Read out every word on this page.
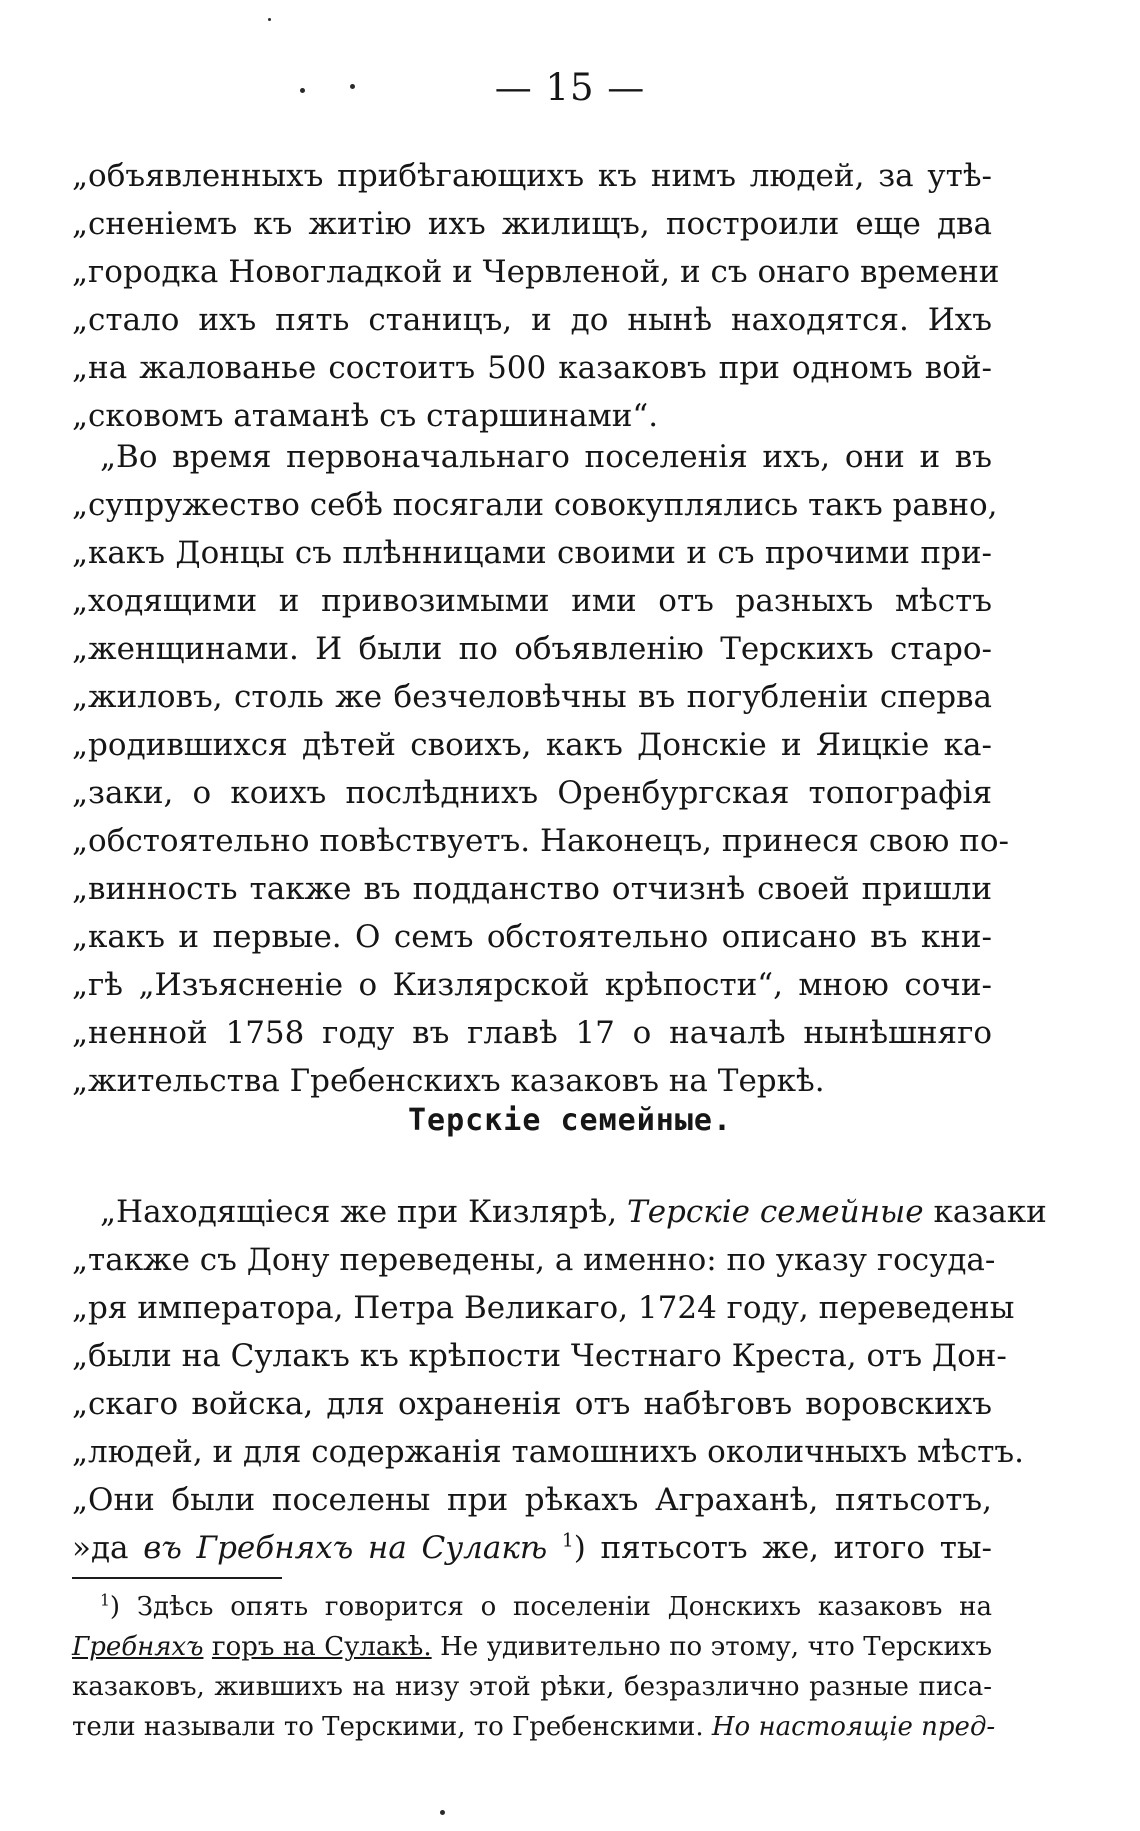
— 15 —
„объявленныхъ прибѣгающихъ къ нимъ людей, за утѣ-
„сненіемъ къ житію ихъ жилищъ, построили еще два
„городка Новогладкой и Червленой, и съ онаго времени
„стало ихъ пять станицъ, и до нынѣ находятся. Ихъ
„на жалованье состоитъ 500 казаковъ при одномъ вой-
„сковомъ атаманѣ съ старшинами“.
„Во время первоначальнаго поселенія ихъ, они и въ
„супружество себѣ посягали совокуплялись такъ равно,
„какъ Донцы съ плѣнницами своими и съ прочими при-
„ходящими и привозимыми ими отъ разныхъ мѣстъ
„женщинами. И были по объявленію Терскихъ старо-
„жиловъ, столь же безчеловѣчны въ погубленіи сперва
„родившихся дѣтей своихъ, какъ Донскіе и Яицкіе ка-
„заки, о коихъ послѣднихъ Оренбургская топографія
„обстоятельно повѣствуетъ. Наконецъ, принеся свою по-
„винность также въ подданство отчизнѣ своей пришли
„какъ и первые. О семъ обстоятельно описано въ кни-
„гѣ „Изъясненіе о Кизлярской крѣпости“, мною сочи-
„ненной 1758 году въ главѣ 17 о началѣ нынѣшняго
„жительства Гребенскихъ казаковъ на Теркѣ.
Терскіе семейные.
„Находящіеся же при Кизлярѣ, Терскіе семейные казаки
„также съ Дону переведены, а именно: по указу госуда-
„ря императора, Петра Великаго, 1724 году, переведены
„были на Сулакъ къ крѣпости Честнаго Креста, отъ Дон-
„скаго войска, для охраненія отъ набѣговъ воровскихъ
„людей, и для содержанія тамошнихъ околичныхъ мѣстъ.
„Они были поселены при рѣкахъ Аграханѣ, пятьсотъ,
»да въ Гребняхъ на Сулакѣ $^1$) пятьсотъ же, итого ты-
$^1$) Здѣсь опять говорится о поселеніи Донскихъ казаковъ на
Гребняхъ горъ на Сулакѣ. Не удивительно по этому, что Терскихъ
казаковъ, жившихъ на низу этой рѣки, безразлично разные писа-
тели называли то Терскими, то Гребенскими. Но настоящіе пред-
